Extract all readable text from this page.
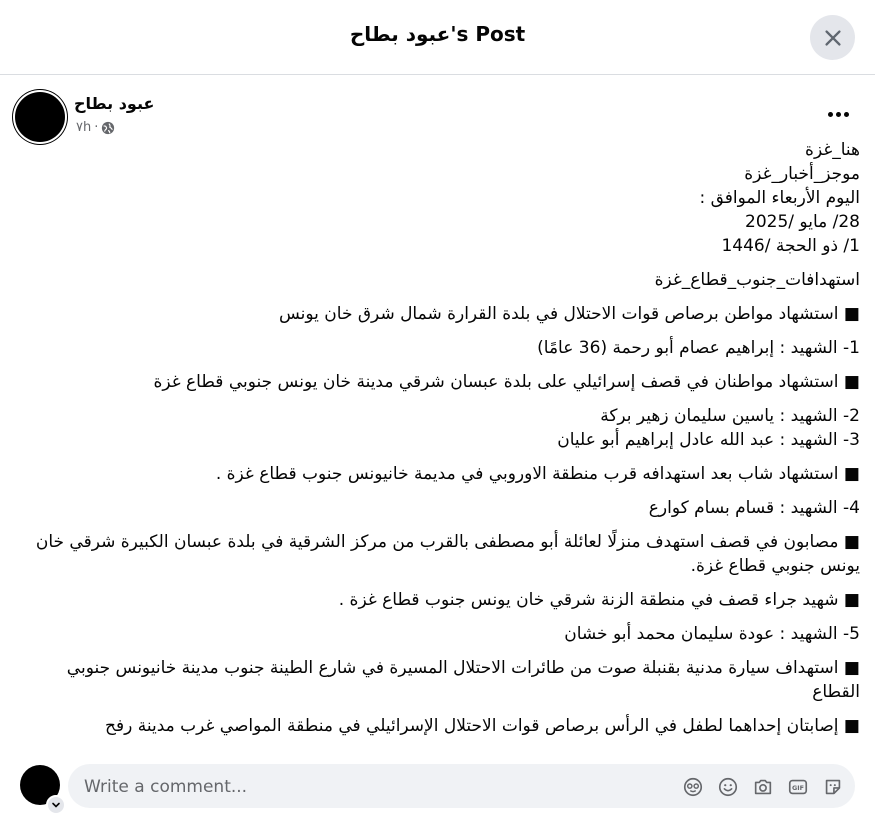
عبود بطاح's Post
عبود بطاح
٧h ·
هنا_غزة
موجز_أخبار_غزة
اليوم الأربعاء الموافق :
28/ مايو /2025
1/ ذو الحجة /1446
استهدافات_جنوب_قطاع_غزة
■ استشهاد مواطن برصاص قوات الاحتلال في بلدة القرارة شمال شرق خان يونس
1- الشهيد : إبراهيم عصام أبو رحمة (36 عامًا)
■ استشهاد مواطنان في قصف إسرائيلي على بلدة عبسان شرقي مدينة خان يونس جنوبي قطاع غزة
2- الشهيد : ياسين سليمان زهير بركة
3- الشهيد : عبد الله عادل إبراهيم أبو عليان
■ استشهاد شاب بعد استهدافه قرب منطقة الاوروبي في مديمة خانيونس جنوب قطاع غزة .
4- الشهيد : قسام بسام كوارع
■ مصابون في قصف استهدف منزلًا لعائلة أبو مصطفى بالقرب من مركز الشرقية في بلدة عبسان الكبيرة شرقي خان يونس جنوبي قطاع غزة.
■ شهيد جراء قصف في منطقة الزنة شرقي خان يونس جنوب قطاع غزة .
5- الشهيد : عودة سليمان محمد أبو خشان
■ استهداف سيارة مدنية بقنبلة صوت من طائرات الاحتلال المسيرة في شارع الطينة جنوب مدينة خانيونس جنوبي القطاع
■ إصابتان إحداهما لطفل في الرأس برصاص قوات الاحتلال الإسرائيلي في منطقة المواصي غرب مدينة رفح
Write a comment...
GIF
